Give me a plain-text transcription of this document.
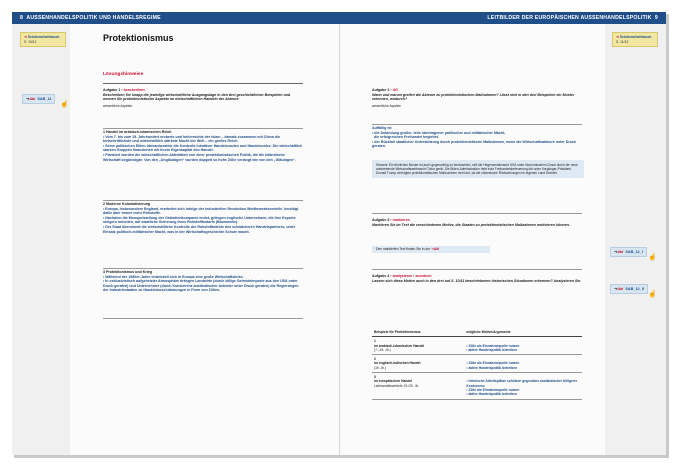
8 AUSSENHANDELSPOLITIK UND HANDELSREGIME	LEITBILDER DER EUROPÄISCHEN AUSSENHANDELSPOLITIK 9
➔ Schülerarbeitsbuch
S. 10/11
➔Abi SAB_11
☝
➔ Schülerarbeitsbuch
S. 11/12
➔Abi SAB_12_I
☝
➔Abi SAB_12_II
☝
Protektionismus
Lösungshinweise
Aufgabe 1 › beschreiben
Beschreiben Sie knapp die jeweilige wirtschaftliche Ausgangslage in den drei geschichtlichen Beispielen und nennen Sie protektionistische Aspekte im wirtschaftlichen Handeln der Akteure.
wesentliche Aspekte:
1 Handel im arabisch-islamischen Reich
• Vom 7. bis zum 15. Jahrhundert eroberte und beherrschte der Islam – damals zusammen mit China die fortschrittlichste und wirtschaftlich stärkste Macht der Welt – ein großes Reich.
• Seine politischen Eliten überantwortete die Kontrolle lukrativer Handelsrouten und Handelsnetze. Die wirtschaftlich starken Gruppen finanzierten mit ihrem Eigenkapital den Handel.
• Flankiert wurden die wirtschaftlichen Aktivitäten von einer protektionistischen Politik, die die inländische Wirtschaft begünstigte: Von den „Ungläubigen“ wurden doppelt so hohe Zölle verlangt wie von den „Gläubigen“.
2 Moderne Kolonialisierung
• Europa, insbesondere England, erarbeitet sich infolge der industriellen Revolution Wettbewerbsvorteile, benötigt dafür aber immer mehr Rohstoffe.
• Nachdem die Monopolstellung der Ostindienkompanie endet, gelingen englische Unternehmer, die ihre Exporte steigern möchten, auf staatliche Sicherung ihres Rohstoffbedarfs (Baumwolle).
• Der Staat übernimmt die wirtschaftliche Kontrolle der Rohstoffmärkte des schwächeren Handelspartners, unter Einsatz politisch-militärischer Macht, was in der Wirtschaftsgeschichte Schule macht.
3 Protektionismus und Krieg
• Während der 1980er-Jahre entwickelt sich in Europa eine große Wirtschaftskrise.
• In exklusivistisch aufgeheizter Atmosphäre drängen Landwirte (durch billige Getreideimporte aus den USA unter Druck geraten) und Unternehmer (durch Konkurrenz ausländischer Anbieter unter Druck geraten) die Regierungen der Industriestaaten zu Handelsbeschränkungen in Form von Zöllen.
Aufgabe 2 › UG
Wann und warum greifen die Akteure zu protektionistischen Maßnahmen? Lässt sich in den drei Beispielen ein Muster erkennen, wodurch?
wesentliche Aspekte
Auffällig ist
• die Anbindung großer, teils übertragener politischer und militärischer Macht,
die erfolgreichen Freihandel begleitet.
• der Rückfall staatlicher Unterstützung durch protektionistische Maßnahmen, wenn die Wirtschaftsakteure unter Druck geraten.
Hinweis: Ein ähnliches Muster ist auch gegenwärtig zu beobachten, seit die Hegemonialmacht USA unter ökonomischem Druck durch die neue aufstrebende Wirtschaftsweltmacht China gerät. Die Biden-Administration hebt trotz Freihandelsbeteuerung die unter Vorgänger-Präsident Donald Trump verfolgten protektionistischen Maßnahmen nicht auf, da die chinesische Rückwirkungen im eigenen Land fürchtet.
Aufgabe 3 › markieren
Markieren Sie im Text die verschiedenen Motive, die Staaten zu protektionistischen Maßnahmen motivieren können.
Den markierten Text finden Sie in der ➔Abi
Aufgabe 4 › analysieren / zuordnen
Lassen sich diese Motive auch in den drei auf S. 10/11 beschriebenen historischen Situationen erkennen? Analysieren Sie.
Beispiele für Protektionismus	mögliche Motive/Argumente
1
im arabisch-islamischen Handel
(7.–15. Jh.)	• Zölle als Einnahmequelle nutzen
• aktive Handelspolitik betreiben
2
im englisch-indischen Handel
(19. Jh.)	• Zölle als Einnahmequelle nutzen
• aktive Handelspolitik betreiben
3
im europäischen Handel
Leinhandelsverkehr 19./20. Jh.	• heimische Arbeitsplätze schützen gegenüber ausländischer billigerer Konkurrenz
• Zölle als Einnahmequelle nutzen
• aktive Handelspolitik betreiben
